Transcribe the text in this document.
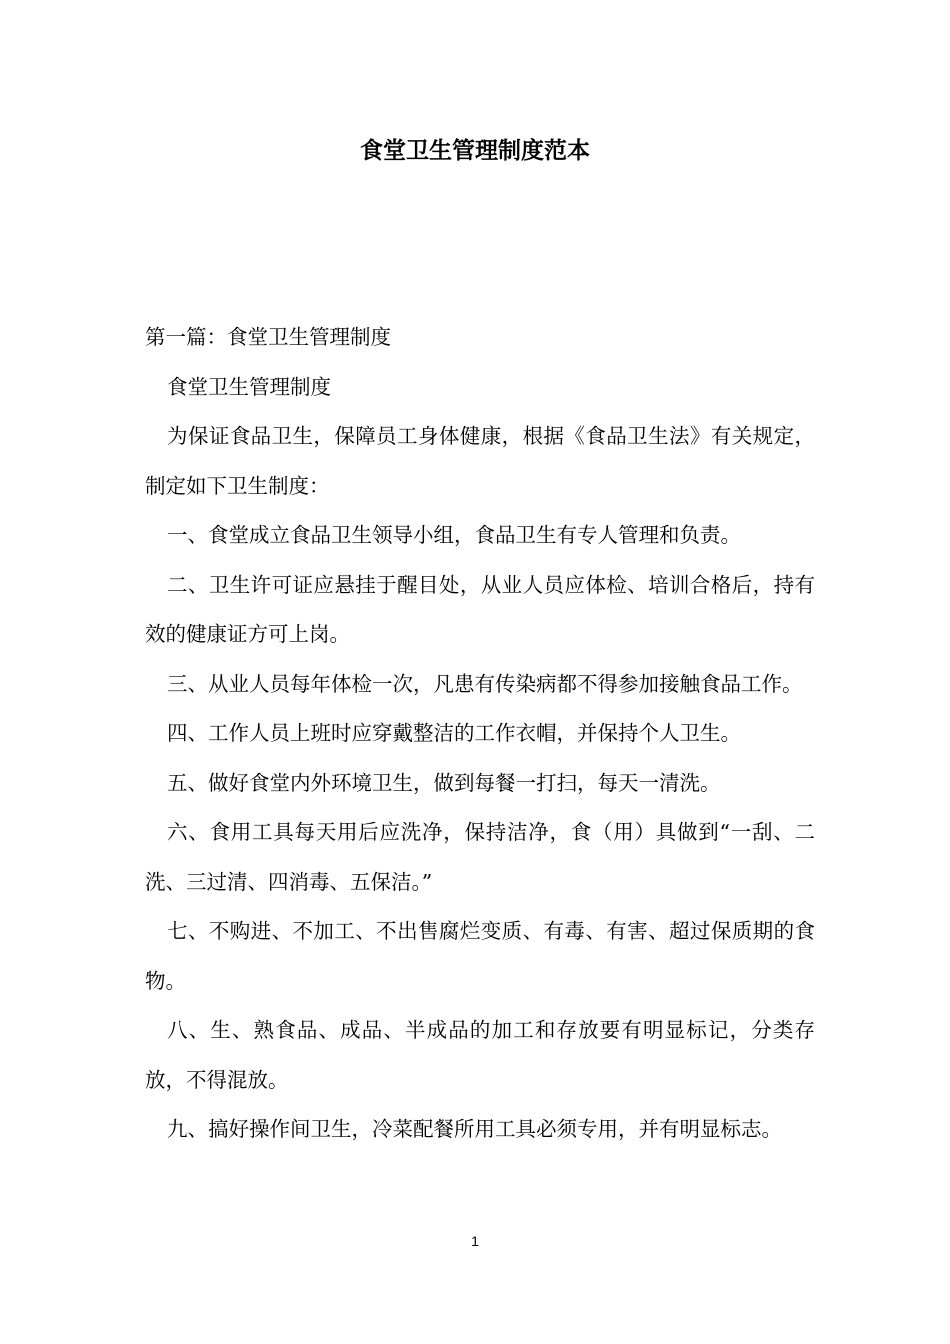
食堂卫生管理制度范本

第一篇：食堂卫生管理制度

食堂卫生管理制度

为保证食品卫生，保障员工身体健康，根据《食品卫生法》有关规定，制定如下卫生制度：

一、食堂成立食品卫生领导小组，食品卫生有专人管理和负责。

二、卫生许可证应悬挂于醒目处，从业人员应体检、培训合格后，持有效的健康证方可上岗。

三、从业人员每年体检一次，凡患有传染病都不得参加接触食品工作。

四、工作人员上班时应穿戴整洁的工作衣帽，并保持个人卫生。

五、做好食堂内外环境卫生，做到每餐一打扫，每天一清洗。

六、食用工具每天用后应洗净，保持洁净，食（用）具做到“一刮、二洗、三过清、四消毒、五保洁。”

七、不购进、不加工、不出售腐烂变质、有毒、有害、超过保质期的食物。

八、生、熟食品、成品、半成品的加工和存放要有明显标记，分类存放，不得混放。

九、搞好操作间卫生，冷菜配餐所用工具必须专用，并有明显标志。

1
